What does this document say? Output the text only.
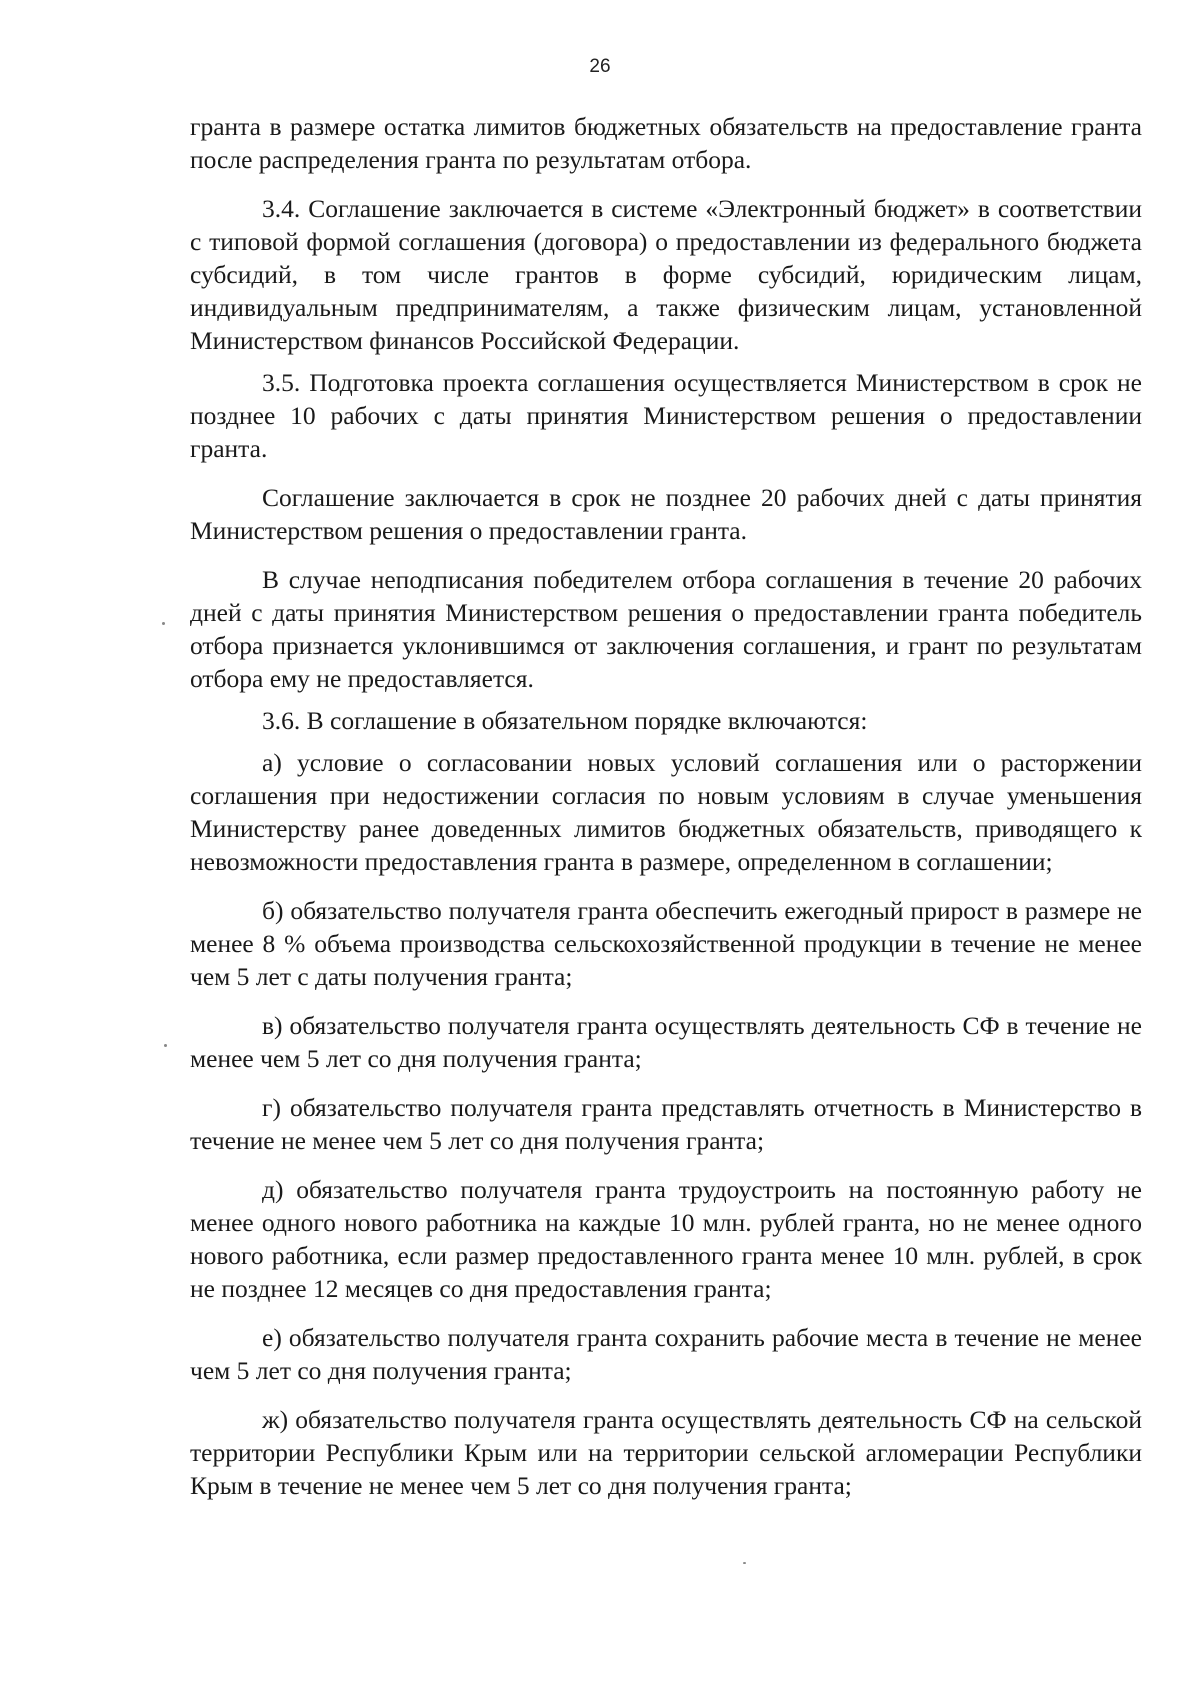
26

гранта в размере остатка лимитов бюджетных обязательств на предоставление гранта после распределения гранта по результатам отбора.

3.4. Соглашение заключается в системе «Электронный бюджет» в соответствии с типовой формой соглашения (договора) о предоставлении из федерального бюджета субсидий, в том числе грантов в форме субсидий, юридическим лицам, индивидуальным предпринимателям, а также физическим лицам, установленной Министерством финансов Российской Федерации.

3.5. Подготовка проекта соглашения осуществляется Министерством в срок не позднее 10 рабочих с даты принятия Министерством решения о предоставлении гранта.

Соглашение заключается в срок не позднее 20 рабочих дней с даты принятия Министерством решения о предоставлении гранта.

В случае неподписания победителем отбора соглашения в течение 20 рабочих дней с даты принятия Министерством решения о предоставлении гранта победитель отбора признается уклонившимся от заключения соглашения, и грант по результатам отбора ему не предоставляется.

3.6. В соглашение в обязательном порядке включаются:

а) условие о согласовании новых условий соглашения или о расторжении соглашения при недостижении согласия по новым условиям в случае уменьшения Министерству ранее доведенных лимитов бюджетных обязательств, приводящего к невозможности предоставления гранта в размере, определенном в соглашении;

б) обязательство получателя гранта обеспечить ежегодный прирост в размере не менее 8 % объема производства сельскохозяйственной продукции в течение не менее чем 5 лет с даты получения гранта;

в) обязательство получателя гранта осуществлять деятельность СФ в течение не менее чем 5 лет со дня получения гранта;

г) обязательство получателя гранта представлять отчетность в Министерство в течение не менее чем 5 лет со дня получения гранта;

д) обязательство получателя гранта трудоустроить на постоянную работу не менее одного нового работника на каждые 10 млн. рублей гранта, но не менее одного нового работника, если размер предоставленного гранта менее 10 млн. рублей, в срок не позднее 12 месяцев со дня предоставления гранта;

е) обязательство получателя гранта сохранить рабочие места в течение не менее чем 5 лет со дня получения гранта;

ж) обязательство получателя гранта осуществлять деятельность СФ на сельской территории Республики Крым или на территории сельской агломерации Республики Крым в течение не менее чем 5 лет со дня получения гранта;
